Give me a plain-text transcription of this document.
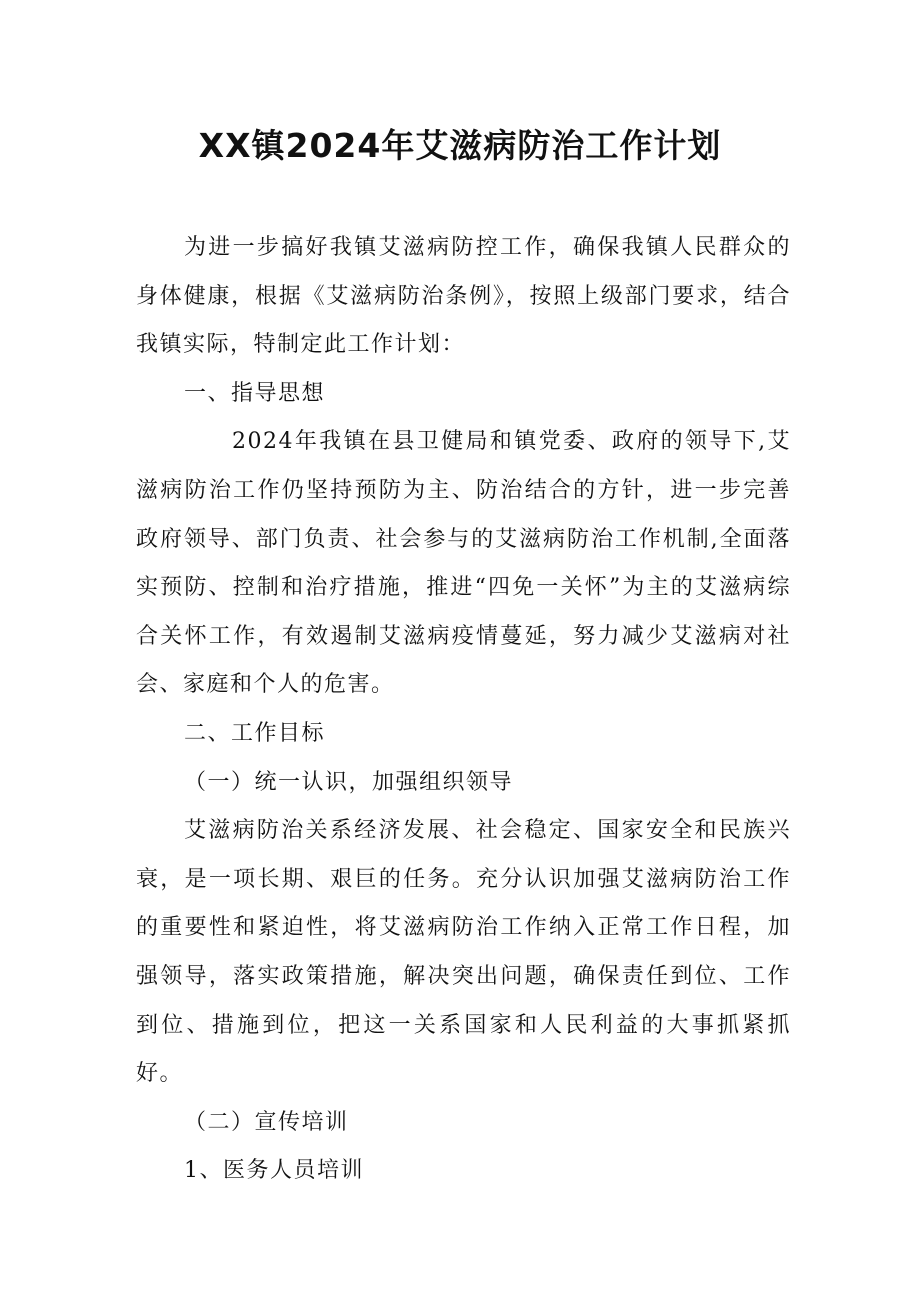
XX镇2024年艾滋病防治工作计划

为进一步搞好我镇艾滋病防控工作，确保我镇人民群众的身体健康，根据《艾滋病防治条例》，按照上级部门要求，结合我镇实际，特制定此工作计划：

一、指导思想

2024年我镇在县卫健局和镇党委、政府的领导下,艾滋病防治工作仍坚持预防为主、防治结合的方针，进一步完善政府领导、部门负责、社会参与的艾滋病防治工作机制,全面落实预防、控制和治疗措施，推进“四免一关怀”为主的艾滋病综合关怀工作，有效遏制艾滋病疫情蔓延，努力减少艾滋病对社会、家庭和个人的危害。

二、工作目标

（一）统一认识，加强组织领导

艾滋病防治关系经济发展、社会稳定、国家安全和民族兴衰，是一项长期、艰巨的任务。充分认识加强艾滋病防治工作的重要性和紧迫性，将艾滋病防治工作纳入正常工作日程，加强领导，落实政策措施，解决突出问题，确保责任到位、工作到位、措施到位，把这一关系国家和人民利益的大事抓紧抓好。

（二）宣传培训

1、医务人员培训
